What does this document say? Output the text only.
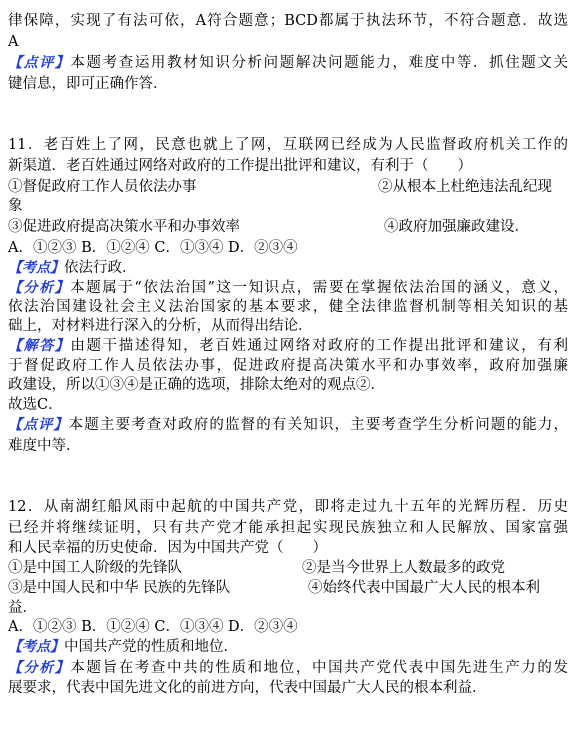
律保障，实现了有法可依，A符合题意；BCD都属于执法环节，不符合题意．故选
A
【点评】本题考查运用教材知识分析问题解决问题能力，难度中等．抓住题文关
键信息，即可正确作答．
11．老百姓上了网，民意也就上了网，互联网已经成为人民监督政府机关工作的
新渠道．老百姓通过网络对政府的工作提出批评和建议，有利于（　　）
①督促政府工作人员依法办事	②从根本上杜绝违法乱纪现
象
③促进政府提高决策水平和办事效率	④政府加强廉政建设．
A．①②③ B．①②④ C．①③④ D．②③④
【考点】依法行政．
【分析】本题属于“依法治国”这一知识点，需要在掌握依法治国的涵义，意义，
依法治国建设社会主义法治国家的基本要求，健全法律监督机制等相关知识的基
础上，对材料进行深入的分析，从而得出结论．
【解答】由题干描述得知，老百姓通过网络对政府的工作提出批评和建议，有利
于督促政府工作人员依法办事，促进政府提高决策水平和办事效率，政府加强廉
政建设，所以①③④是正确的选项，排除太绝对的观点②．
故选C．
【点评】本题主要考查对政府的监督的有关知识，主要考查学生分析问题的能力，
难度中等．
12．从南湖红船风雨中起航的中国共产党，即将走过九十五年的光辉历程．历史
已经并将继续证明，只有共产党才能承担起实现民族独立和人民解放、国家富强
和人民幸福的历史使命．因为中国共产党（　　）
①是中国工人阶级的先锋队	②是当今世界上人数最多的政党
③是中国人民和中华 民族的先锋队	④始终代表中国最广大人民的根本利
益．
A．①②③ B．①②④ C．①③④ D．②③④
【考点】中国共产党的性质和地位．
【分析】本题旨在考查中共的性质和地位，中国共产党代表中国先进生产力的发
展要求，代表中国先进文化的前进方向，代表中国最广大人民的根本利益．
